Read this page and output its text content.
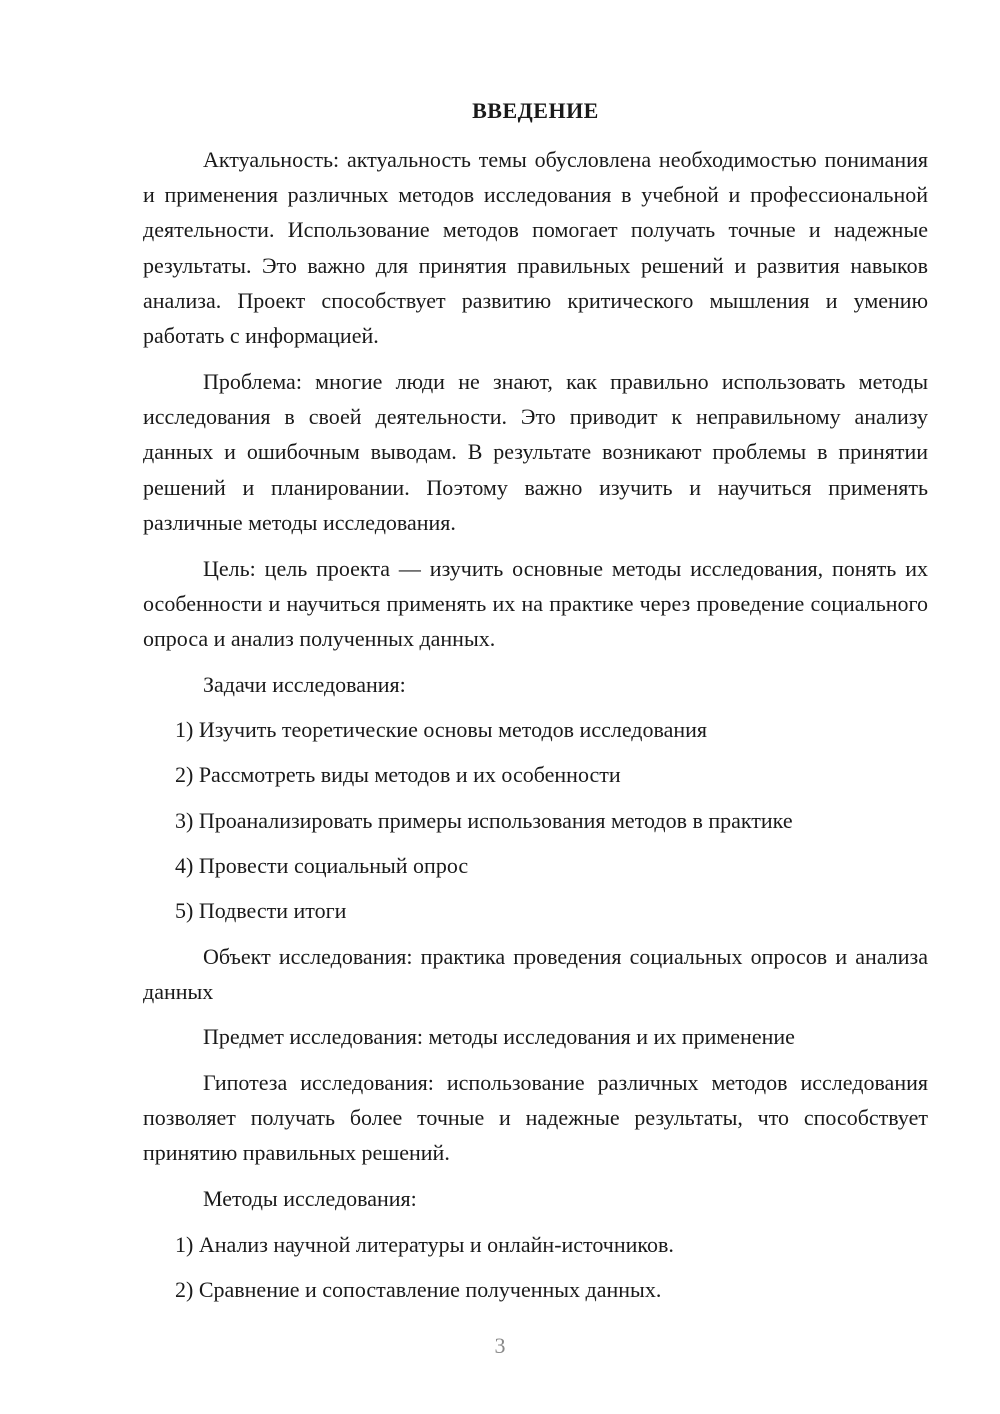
ВВЕДЕНИЕ
Актуальность: актуальность темы обусловлена необходимостью понимания и применения различных методов исследования в учебной и профессиональной деятельности. Использование методов помогает получать точные и надежные результаты. Это важно для принятия правильных решений и развития навыков анализа. Проект способствует развитию критического мышления и умению работать с информацией.
Проблема: многие люди не знают, как правильно использовать методы исследования в своей деятельности. Это приводит к неправильному анализу данных и ошибочным выводам. В результате возникают проблемы в принятии решений и планировании. Поэтому важно изучить и научиться применять различные методы исследования.
Цель: цель проекта — изучить основные методы исследования, понять их особенности и научиться применять их на практике через проведение социального опроса и анализ полученных данных.
Задачи исследования:
1) Изучить теоретические основы методов исследования
2) Рассмотреть виды методов и их особенности
3) Проанализировать примеры использования методов в практике
4) Провести социальный опрос
5) Подвести итоги
Объект исследования: практика проведения социальных опросов и анализа данных
Предмет исследования: методы исследования и их применение
Гипотеза исследования: использование различных методов исследования позволяет получать более точные и надежные результаты, что способствует принятию правильных решений.
Методы исследования:
1) Анализ научной литературы и онлайн-источников.
2) Сравнение и сопоставление полученных данных.
3
